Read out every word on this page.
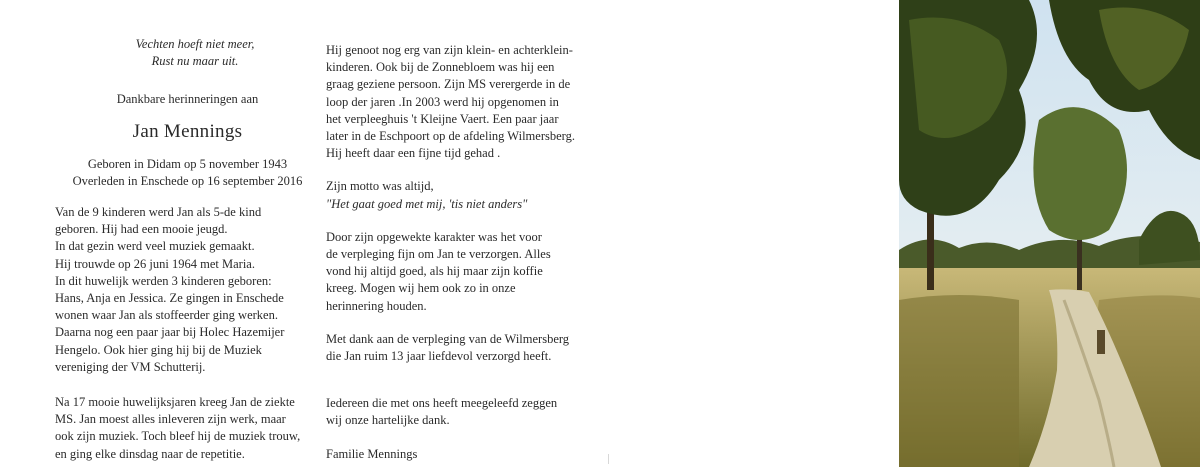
Vechten hoeft niet meer,

Rust nu maar uit.

Dankbare herinneringen aan
Jan Mennings

Geboren in Didam op 5 november 1943

Overleden in Enschede op 16 september 2016

Van de 9 kinderen werd Jan als 5-de kind

geboren. Hij had een mooie jeugd.

In dat gezin werd veel muziek gemaakt.

Hij trouwde op 26 juni 1964 met Maria.

In dit huwelijk werden 3 kinderen geboren:

Hans, Anja en Jessica. Ze gingen in Enschede

wonen waar Jan als stoffeerder ging werken.

Daarna nog een paar jaar bij Holec Hazemijer

Hengelo. Ook hier ging hij bij de Muziek

vereniging der VM Schutterij.

Na 17 mooie huwelijksjaren kreeg Jan de ziekte

MS. Jan moest alles inleveren zijn werk, maar

ook zijn muziek. Toch bleef hij de muziek trouw,

en ging elke dinsdag naar de repetitie.

Hij genoot nog erg van zijn klein- en achterklein-

kinderen. Ook bij de Zonnebloem was hij een

graag geziene persoon. Zijn MS verergerde in de

loop der jaren .In 2003 werd hij opgenomen in

het verpleeghuis 't Kleijne Vaert. Een paar jaar

later in de Eschpoort op de afdeling Wilmersberg.

Hij heeft daar een fijne tijd gehad .

Zijn motto was altijd,

"Het gaat goed met mij, 'tis niet anders"

Door zijn opgewekte karakter was het voor

de verpleging fijn om Jan te verzorgen. Alles

vond hij altijd goed, als hij maar zijn koffie

kreeg. Mogen wij hem ook zo in onze

herinnering houden.

Met dank aan de verpleging van de Wilmersberg

die Jan ruim 13 jaar liefdevol verzorgd heeft.

Iedereen die met ons heeft meegeleefd zeggen

wij onze hartelijke dank.

Familie Mennings
